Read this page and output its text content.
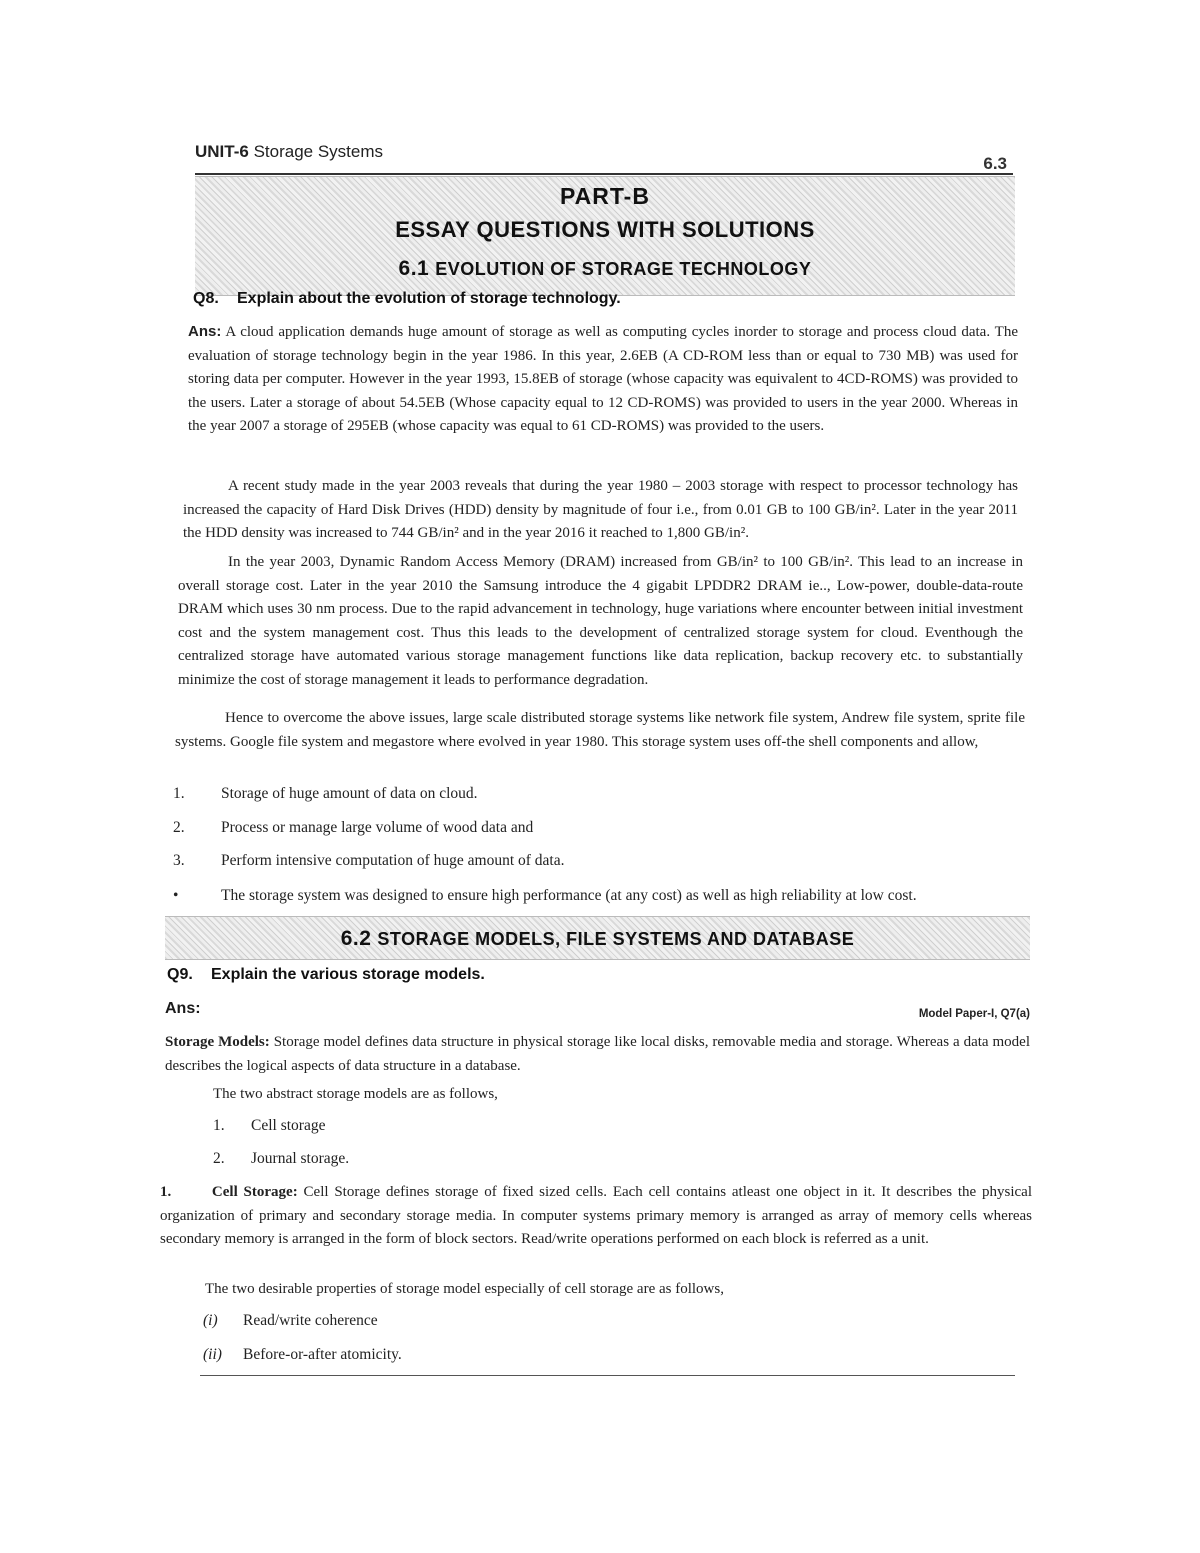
UNIT-6 Storage Systems
6.3
PART-B
ESSAY QUESTIONS WITH SOLUTIONS
6.1 EVOLUTION OF STORAGE TECHNOLOGY
Q8. Explain about the evolution of storage technology.
Ans: A cloud application demands huge amount of storage as well as computing cycles inorder to storage and process cloud data. The evaluation of storage technology begin in the year 1986. In this year, 2.6EB (A CD-ROM less than or equal to 730 MB) was used for storing data per computer. However in the year 1993, 15.8EB of storage (whose capacity was equivalent to 4CD-ROMS) was provided to the users. Later a storage of about 54.5EB (Whose capacity equal to 12 CD-ROMS) was provided to users in the year 2000. Whereas in the year 2007 a storage of 295EB (whose capacity was equal to 61 CD-ROMS) was provided to the users.
A recent study made in the year 2003 reveals that during the year 1980 – 2003 storage with respect to processor technology has increased the capacity of Hard Disk Drives (HDD) density by magnitude of four i.e., from 0.01 GB to 100 GB/in². Later in the year 2011 the HDD density was increased to 744 GB/in² and in the year 2016 it reached to 1,800 GB/in².
In the year 2003, Dynamic Random Access Memory (DRAM) increased from GB/in² to 100 GB/in². This lead to an increase in overall storage cost. Later in the year 2010 the Samsung introduce the 4 gigabit LPDDR2 DRAM ie.., Low-power, double-data-route DRAM which uses 30 nm process. Due to the rapid advancement in technology, huge variations where encounter between initial investment cost and the system management cost. Thus this leads to the development of centralized storage system for cloud. Eventhough the centralized storage have automated various storage management functions like data replication, backup recovery etc. to substantially minimize the cost of storage management it leads to performance degradation.
Hence to overcome the above issues, large scale distributed storage systems like network file system, Andrew file system, sprite file systems. Google file system and megastore where evolved in year 1980. This storage system uses off-the shell components and allow,
1. Storage of huge amount of data on cloud.
2. Process or manage large volume of wood data and
3. Perform intensive computation of huge amount of data.
•	The storage system was designed to ensure high performance (at any cost) as well as high reliability at low cost.
6.2 STORAGE MODELS, FILE SYSTEMS AND DATABASE
Q9. Explain the various storage models.
Ans:	Model Paper-I, Q7(a)
Storage Models: Storage model defines data structure in physical storage like local disks, removable media and storage. Whereas a data model describes the logical aspects of data structure in a database.
The two abstract storage models are as follows,
1. Cell storage
2. Journal storage.
1.	Cell Storage: Cell Storage defines storage of fixed sized cells. Each cell contains atleast one object in it. It describes the physical organization of primary and secondary storage media. In computer systems primary memory is arranged as array of memory cells whereas secondary memory is arranged in the form of block sectors. Read/write operations performed on each block is referred as a unit.
The two desirable properties of storage model especially of cell storage are as follows,
(i) Read/write coherence
(ii) Before-or-after atomicity.
